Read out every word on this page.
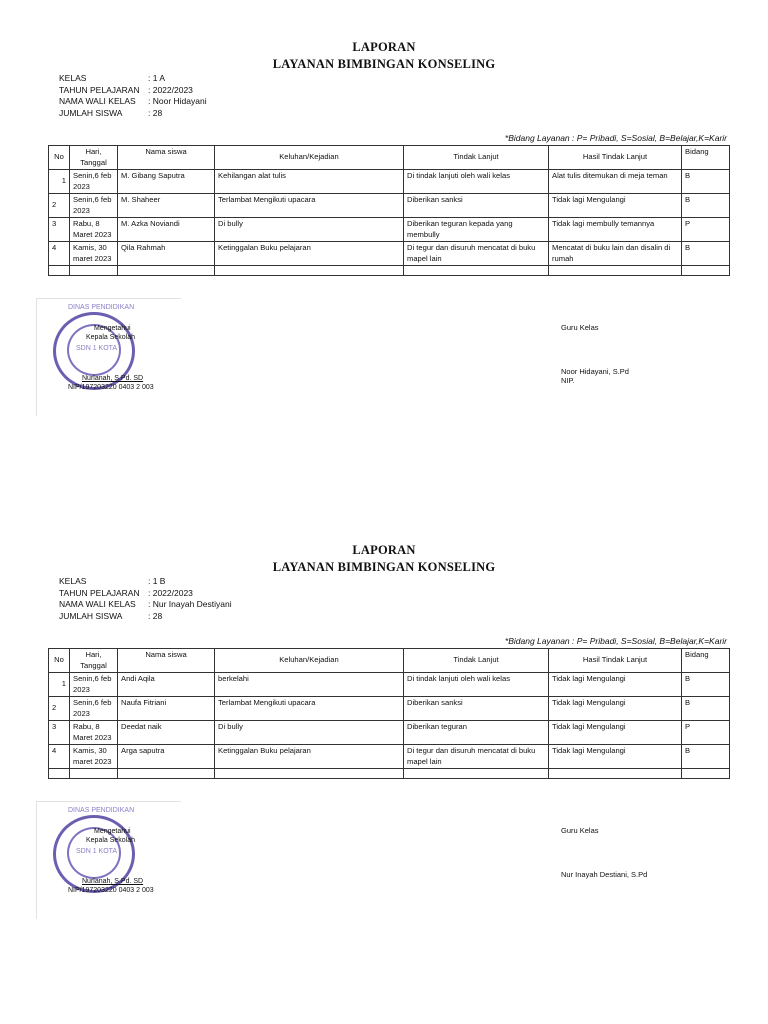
LAPORAN
LAYANAN BIMBINGAN KONSELING
KELAS	: 1 A
TAHUN PELAJARAN : 2022/2023
NAMA WALI KELAS	: Noor Hidayani
JUMLAH SISWA	: 28
*Bidang Layanan : P= Pribadi, S=Sosial, B=Belajar,K=Karir
No	Hari, Tanggal	Nama siswa	Keluhan/Kejadian	Tindak Lanjut	Hasil Tindak Lanjut	Bidang
1	Senin,6 feb 2023	M. Gibang Saputra	Kehilangan alat tulis	Di tindak lanjuti oleh wali kelas	Alat tulis ditemukan di meja teman	B
2	Senin,6 feb 2023	M. Shaheer	Terlambat Mengikuti upacara	Diberikan sanksi	Tidak lagi Mengulangi	B
3	Rabu, 8 Maret 2023	M. Azka Noviandi	Di bully	Diberikan teguran kepada yang membully	Tidak lagi membully temannya	P
4	Kamis, 30 maret 2023	Qila Rahmah	Ketinggalan Buku pelajaran	Di tegur dan disuruh mencatat di buku mapel lain	Mencatat di buku lain dan disalin di rumah	B

DINAS PENDIDIKAN
SDN 1 KOTA
Mengetahui
Kepala Sekolah
Nurlanah, S.Pd. SD
NIP/197203220 0403 2 003
Guru Kelas
Noor Hidayani, S.Pd
NIP.
LAPORAN
LAYANAN BIMBINGAN KONSELING
KELAS	: 1 B
TAHUN PELAJARAN : 2022/2023
NAMA WALI KELAS	: Nur Inayah Destiyani
JUMLAH SISWA	: 28
*Bidang Layanan : P= Pribadi, S=Sosial, B=Belajar,K=Karir
No	Hari, Tanggal	Nama siswa	Keluhan/Kejadian	Tindak Lanjut	Hasil Tindak Lanjut	Bidang
1	Senin,6 feb 2023	Andi Aqila	berkelahi	Di tindak lanjuti oleh wali kelas	Tidak lagi Mengulangi	B
2	Senin,6 feb 2023	Naufa Fitriani	Terlambat Mengikuti upacara	Diberikan sanksi	Tidak lagi Mengulangi	B
3	Rabu, 8 Maret 2023	Deedat naik	Di bully	Diberikan teguran	Tidak lagi Mengulangi	P
4	Kamis, 30 maret 2023	Arga saputra	Ketinggalan Buku pelajaran	Di tegur dan disuruh mencatat di buku mapel lain	Tidak lagi Mengulangi	B

DINAS PENDIDIKAN
SDN 1 KOTA
Mengetahui
Kepala Sekolah
Nurlanah, S.Pd. SD
NIP/197203220 0403 2 003
Guru Kelas
Nur Inayah Destiani, S.Pd
